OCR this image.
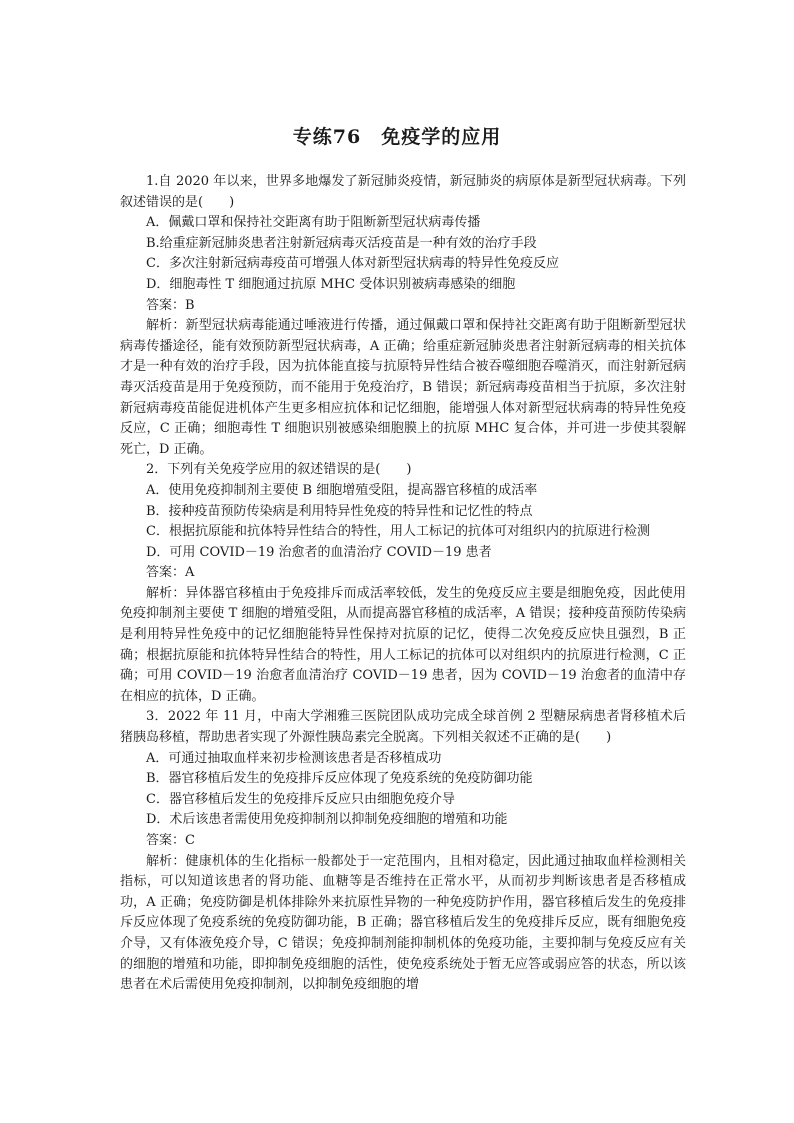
专练76　免疫学的应用

1.自 2020 年以来，世界多地爆发了新冠肺炎疫情，新冠肺炎的病原体是新型冠状病毒。下列叙述错误的是(　　)

A．佩戴口罩和保持社交距离有助于阻断新型冠状病毒传播

B.给重症新冠肺炎患者注射新冠病毒灭活疫苗是一种有效的治疗手段

C．多次注射新冠病毒疫苗可增强人体对新型冠状病毒的特异性免疫反应

D．细胞毒性 T 细胞通过抗原 MHC 受体识别被病毒感染的细胞

答案：B

解析：新型冠状病毒能通过唾液进行传播，通过佩戴口罩和保持社交距离有助于阻断新型冠状病毒传播途径，能有效预防新型冠状病毒，A 正确；给重症新冠肺炎患者注射新冠病毒的相关抗体才是一种有效的治疗手段，因为抗体能直接与抗原特异性结合被吞噬细胞吞噬消灭，而注射新冠病毒灭活疫苗是用于免疫预防，而不能用于免疫治疗，B 错误；新冠病毒疫苗相当于抗原，多次注射新冠病毒疫苗能促进机体产生更多相应抗体和记忆细胞，能增强人体对新型冠状病毒的特异性免疫反应，C 正确；细胞毒性 T 细胞识别被感染细胞膜上的抗原 MHC 复合体，并可进一步使其裂解死亡，D 正确。

2．下列有关免疫学应用的叙述错误的是(　　)

A．使用免疫抑制剂主要使 B 细胞增殖受阻，提高器官移植的成活率

B．接种疫苗预防传染病是利用特异性免疫的特异性和记忆性的特点

C．根据抗原能和抗体特异性结合的特性，用人工标记的抗体可对组织内的抗原进行检测

D．可用 COVID－19 治愈者的血清治疗 COVID－19 患者

答案：A

解析：异体器官移植由于免疫排斥而成活率较低，发生的免疫反应主要是细胞免疫，因此使用免疫抑制剂主要使 T 细胞的增殖受阻，从而提高器官移植的成活率，A 错误；接种疫苗预防传染病是利用特异性免疫中的记忆细胞能特异性保持对抗原的记忆，使得二次免疫反应快且强烈，B 正确；根据抗原能和抗体特异性结合的特性，用人工标记的抗体可以对组织内的抗原进行检测，C 正确；可用 COVID－19 治愈者血清治疗 COVID－19 患者，因为 COVID－19 治愈者的血清中存在相应的抗体，D 正确。

3．2022 年 11 月，中南大学湘雅三医院团队成功完成全球首例 2 型糖尿病患者肾移植术后猪胰岛移植，帮助患者实现了外源性胰岛素完全脱离。下列相关叙述不正确的是(　　)

A．可通过抽取血样来初步检测该患者是否移植成功

B．器官移植后发生的免疫排斥反应体现了免疫系统的免疫防御功能

C．器官移植后发生的免疫排斥反应只由细胞免疫介导

D．术后该患者需使用免疫抑制剂以抑制免疫细胞的增殖和功能

答案：C

解析：健康机体的生化指标一般都处于一定范围内，且相对稳定，因此通过抽取血样检测相关指标，可以知道该患者的肾功能、血糖等是否维持在正常水平，从而初步判断该患者是否移植成功，A 正确；免疫防御是机体排除外来抗原性异物的一种免疫防护作用，器官移植后发生的免疫排斥反应体现了免疫系统的免疫防御功能，B 正确；器官移植后发生的免疫排斥反应，既有细胞免疫介导，又有体液免疫介导，C 错误；免疫抑制剂能抑制机体的免疫功能，主要抑制与免疫反应有关的细胞的增殖和功能，即抑制免疫细胞的活性，使免疫系统处于暂无应答或弱应答的状态，所以该患者在术后需使用免疫抑制剂，以抑制免疫细胞的增
